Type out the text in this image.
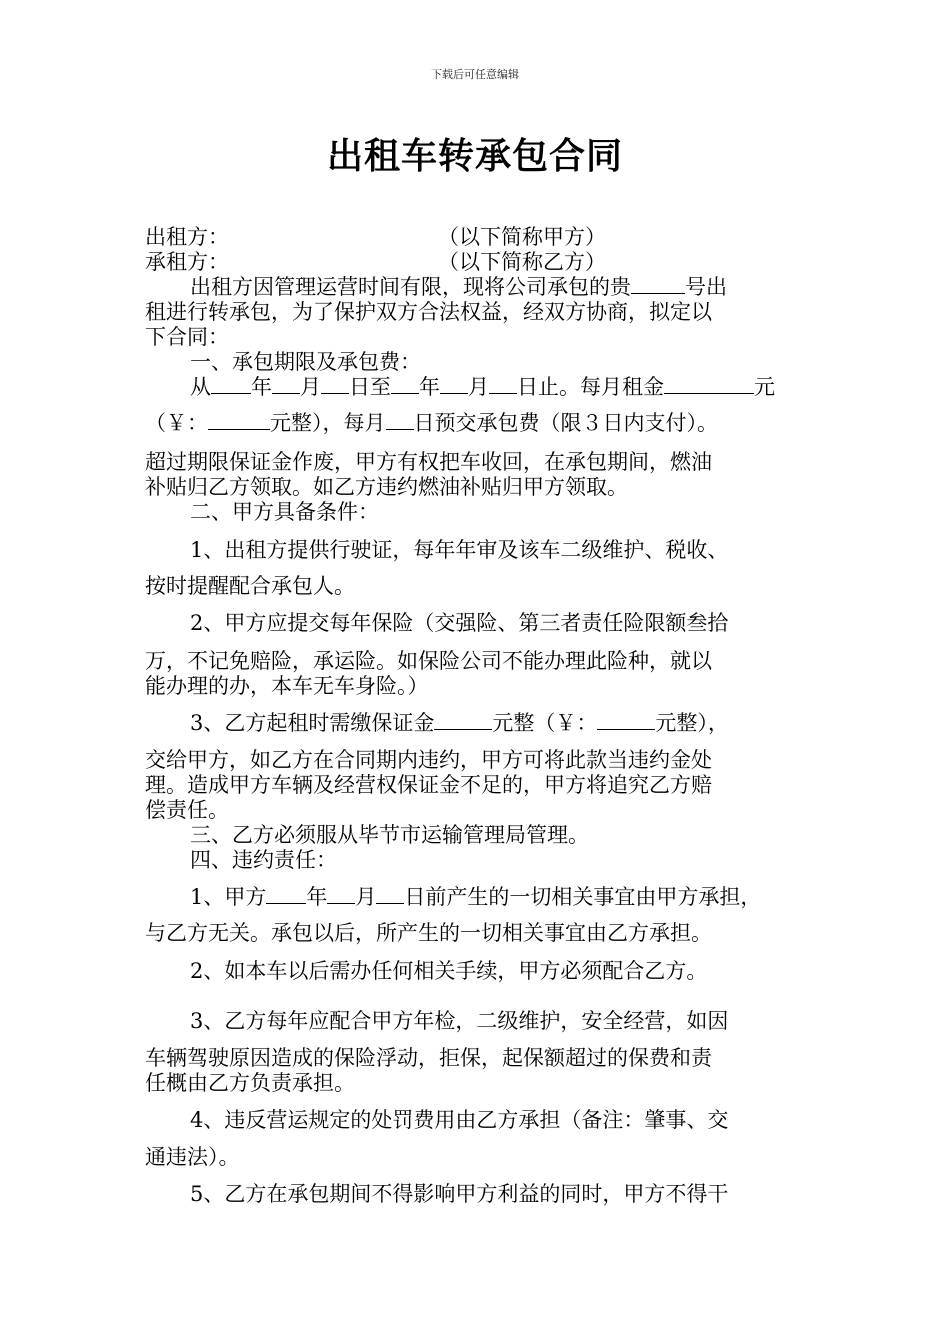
下载后可任意编辑
出租车转承包合同
出租方：	（以下简称甲方）
承租方：	（以下简称乙方）
出租方因管理运营时间有限，现将公司承包的贵	号出
租进行转承包，为了保护双方合法权益，经双方协商，拟定以
下合同：
一、承包期限及承包费：
从 年 月 日至 年 月 日止。每月租金	元
（￥：	元整），每月 日预交承包费（限３日内支付）。
超过期限保证金作废，甲方有权把车收回，在承包期间，燃油
补贴归乙方领取。如乙方违约燃油补贴归甲方领取。
二、甲方具备条件：
1、出租方提供行驶证，每年年审及该车二级维护、税收、
按时提醒配合承包人。
2、甲方应提交每年保险（交强险、第三者责任险限额叁拾
万，不记免赔险，承运险。如保险公司不能办理此险种，就以
能办理的办，本车无车身险。）
3、乙方起租时需缴保证金	元整（￥：	元整），
交给甲方，如乙方在合同期内违约，甲方可将此款当违约金处
理。造成甲方车辆及经营权保证金不足的，甲方将追究乙方赔
偿责任。
三、乙方必须服从毕节市运输管理局管理。
四、违约责任：
1、甲方 年 月 日前产生的一切相关事宜由甲方承担，
与乙方无关。承包以后，所产生的一切相关事宜由乙方承担。
2、如本车以后需办任何相关手续，甲方必须配合乙方。
3、乙方每年应配合甲方年检，二级维护，安全经营，如因
车辆驾驶原因造成的保险浮动，拒保，起保额超过的保费和责
任概由乙方负责承担。
4、违反营运规定的处罚费用由乙方承担（备注：肇事、交
通违法）。
5、乙方在承包期间不得影响甲方利益的同时，甲方不得干
